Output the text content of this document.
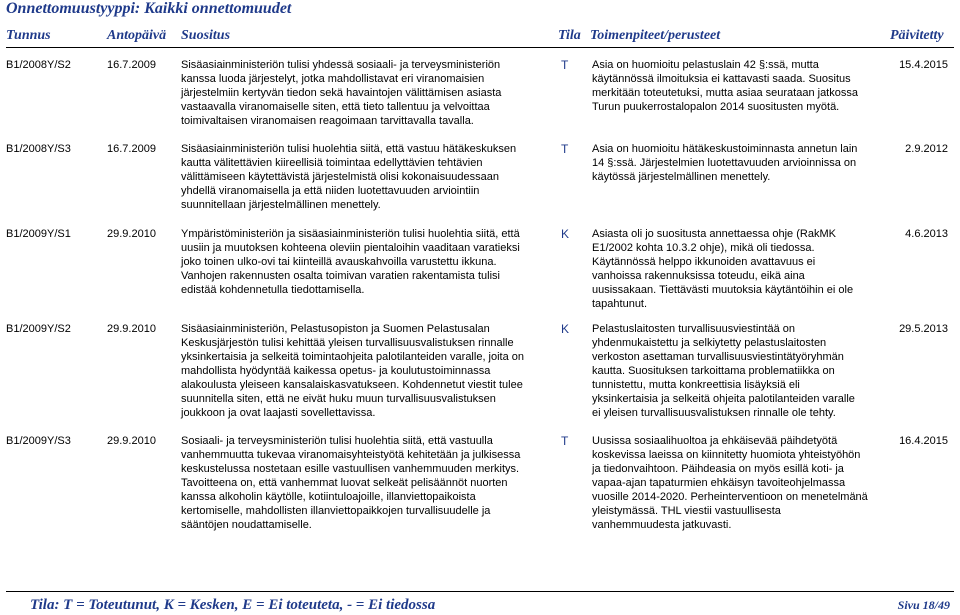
Onnettomuustyyppi: Kaikki onnettomuudet
Tunnus	Antopäivä Suositus	Tila Toimenpiteet/perusteet	Päivitetty
B1/2008Y/S2	16.7.2009 Sisäasiainministeriön tulisi yhdessä sosiaali- ja terveysministeriön
kanssa luoda järjestelyt, jotka mahdollistavat eri viranomaisien
järjestelmiin kertyvän tiedon sekä havaintojen välittämisen asiasta
vastaavalla viranomaiselle siten, että tieto tallentuu ja velvoittaa
toimivaltaisen viranomaisen reagoimaan tarvittavalla tavalla.
T Asia on huomioitu pelastuslain 42 §:ssä, mutta
käytännössä ilmoituksia ei kattavasti saada. Suositus
merkitään toteutetuksi, mutta asiaa seurataan jatkossa
Turun puukerrostalopalon 2014 suositusten myötä.
15.4.2015
B1/2008Y/S3	16.7.2009 Sisäasiainministeriön tulisi huolehtia siitä, että vastuu hätäkeskuksen
kautta välitettävien kiireellisiä toimintaa edellyttävien tehtävien
välittämiseen käytettävistä järjestelmistä olisi kokonaisuudessaan
yhdellä viranomaisella ja että niiden luotettavuuden arviointiin
suunnitellaan järjestelmällinen menettely.
T Asia on huomioitu hätäkeskustoiminnasta annetun lain
14 §:ssä. Järjestelmien luotettavuuden arvioinnissa on
käytössä järjestelmällinen menettely.
2.9.2012
B1/2009Y/S1	29.9.2010 Ympäristöministeriön ja sisäasiainministeriön tulisi huolehtia siitä, että
uusiin ja muutoksen kohteena oleviin pientaloihin vaaditaan varatieksi
joko toinen ulko-ovi tai kiinteillä avauskahvoilla varustettu ikkuna.
Vanhojen rakennusten osalta toimivan varatien rakentamista tulisi
edistää kohdennetulla tiedottamisella.
K Asiasta oli jo suositusta annettaessa ohje (RakMK
E1/2002 kohta 10.3.2 ohje), mikä oli tiedossa.
Käytännössä helppo ikkunoiden avattavuus ei
vanhoissa rakennuksissa toteudu, eikä aina
uusissakaan. Tiettävästi muutoksia käytäntöihin ei ole
tapahtunut.
4.6.2013
B1/2009Y/S2	29.9.2010 Sisäasiainministeriön, Pelastusopiston ja Suomen Pelastusalan
Keskusjärjestön tulisi kehittää yleisen turvallisuusvalistuksen rinnalle
yksinkertaisia ja selkeitä toimintaohjeita palotilanteiden varalle, joita on
mahdollista hyödyntää kaikessa opetus- ja koulutustoiminnassa
alakoulusta yleiseen kansalaiskasvatukseen. Kohdennetut viestit tulee
suunnitella siten, että ne eivät huku muun turvallisuusvalistuksen
joukkoon ja ovat laajasti sovellettavissa.
K Pelastuslaitosten turvallisuusviestintää on
yhdenmukaistettu ja selkiytetty pelastuslaitosten
verkoston asettaman turvallisuusviestintätyöryhmän
kautta. Suosituksen tarkoittama problematiikka on
tunnistettu, mutta konkreettisia lisäyksiä eli
yksinkertaisia ja selkeitä ohjeita palotilanteiden varalle
ei yleisen turvallisuusvalistuksen rinnalle ole tehty.
29.5.2013
B1/2009Y/S3	29.9.2010 Sosiaali- ja terveysministeriön tulisi huolehtia siitä, että vastuulla
vanhemmuutta tukevaa viranomaisyhteistyötä kehitetään ja julkisessa
keskustelussa nostetaan esille vastuullisen vanhemmuuden merkitys.
Tavoitteena on, että vanhemmat luovat selkeät pelisäännöt nuorten
kanssa alkoholin käytölle, kotiintuloajoille, illanviettopaikoista
kertomiselle, mahdollisten illanviettopaikkojen turvallisuudelle ja
sääntöjen noudattamiselle.
T Uusissa sosiaalihuoltoa ja ehkäisevää päihdetyötä
koskevissa laeissa on kiinnitetty huomiota yhteistyöhön
ja tiedonvaihtoon. Päihdeasia on myös esillä koti- ja
vapaa-ajan tapaturmien ehkäisyn tavoiteohjelmassa
vuosille 2014-2020. Perheinterventioon on menetelmänä
yleistymässä. THL viestii vastuullisesta
vanhemmuudesta jatkuvasti.
16.4.2015
Tila: T = Toteutunut, K = Kesken, E = Ei toteuteta, - = Ei tiedossa	Sivu 18/49
